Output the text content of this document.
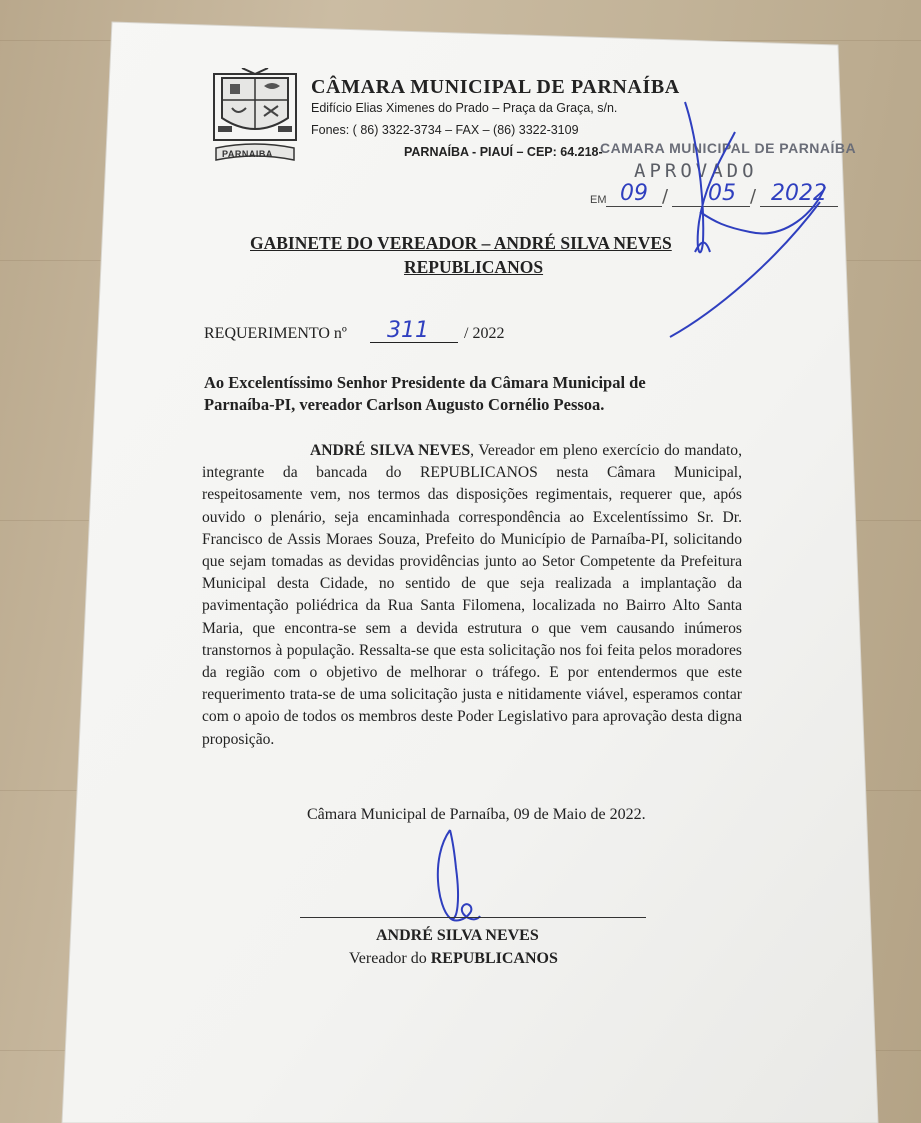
PARNAIBA
CÂMARA MUNICIPAL DE PARNAÍBA
Edifício Elias Ximenes do Prado – Praça da Graça, s/n.
Fones: ( 86) 3322-3734 – FAX – (86) 3322-3109
PARNAÍBA - PIAUÍ – CEP: 64.218-
CAMARA MUNICIPAL DE PARNAÍBA
APROVADO
EM 09 / 05 / 2022
GABINETE DO VEREADOR – ANDRÉ SILVA NEVES
REPUBLICANOS
REQUERIMENTO nº 311 / 2022
Ao Excelentíssimo Senhor Presidente da Câmara Municipal de Parnaíba-PI, vereador Carlson Augusto Cornélio Pessoa.
ANDRÉ SILVA NEVES, Vereador em pleno exercício do mandato, integrante da bancada do REPUBLICANOS nesta Câmara Municipal, respeitosamente vem, nos termos das disposições regimentais, requerer que, após ouvido o plenário, seja encaminhada correspondência ao Excelentíssimo Sr. Dr. Francisco de Assis Moraes Souza, Prefeito do Município de Parnaíba-PI, solicitando que sejam tomadas as devidas providências junto ao Setor Competente da Prefeitura Municipal desta Cidade, no sentido de que seja realizada a implantação da pavimentação poliédrica da Rua Santa Filomena, localizada no Bairro Alto Santa Maria, que encontra-se sem a devida estrutura o que vem causando inúmeros transtornos à população. Ressalta-se que esta solicitação nos foi feita pelos moradores da região com o objetivo de melhorar o tráfego. E por entendermos que este requerimento trata-se de uma solicitação justa e nitidamente viável, esperamos contar com o apoio de todos os membros deste Poder Legislativo para aprovação desta digna proposição.
Câmara Municipal de Parnaíba, 09 de Maio de 2022.
ANDRÉ SILVA NEVES
Vereador do REPUBLICANOS
